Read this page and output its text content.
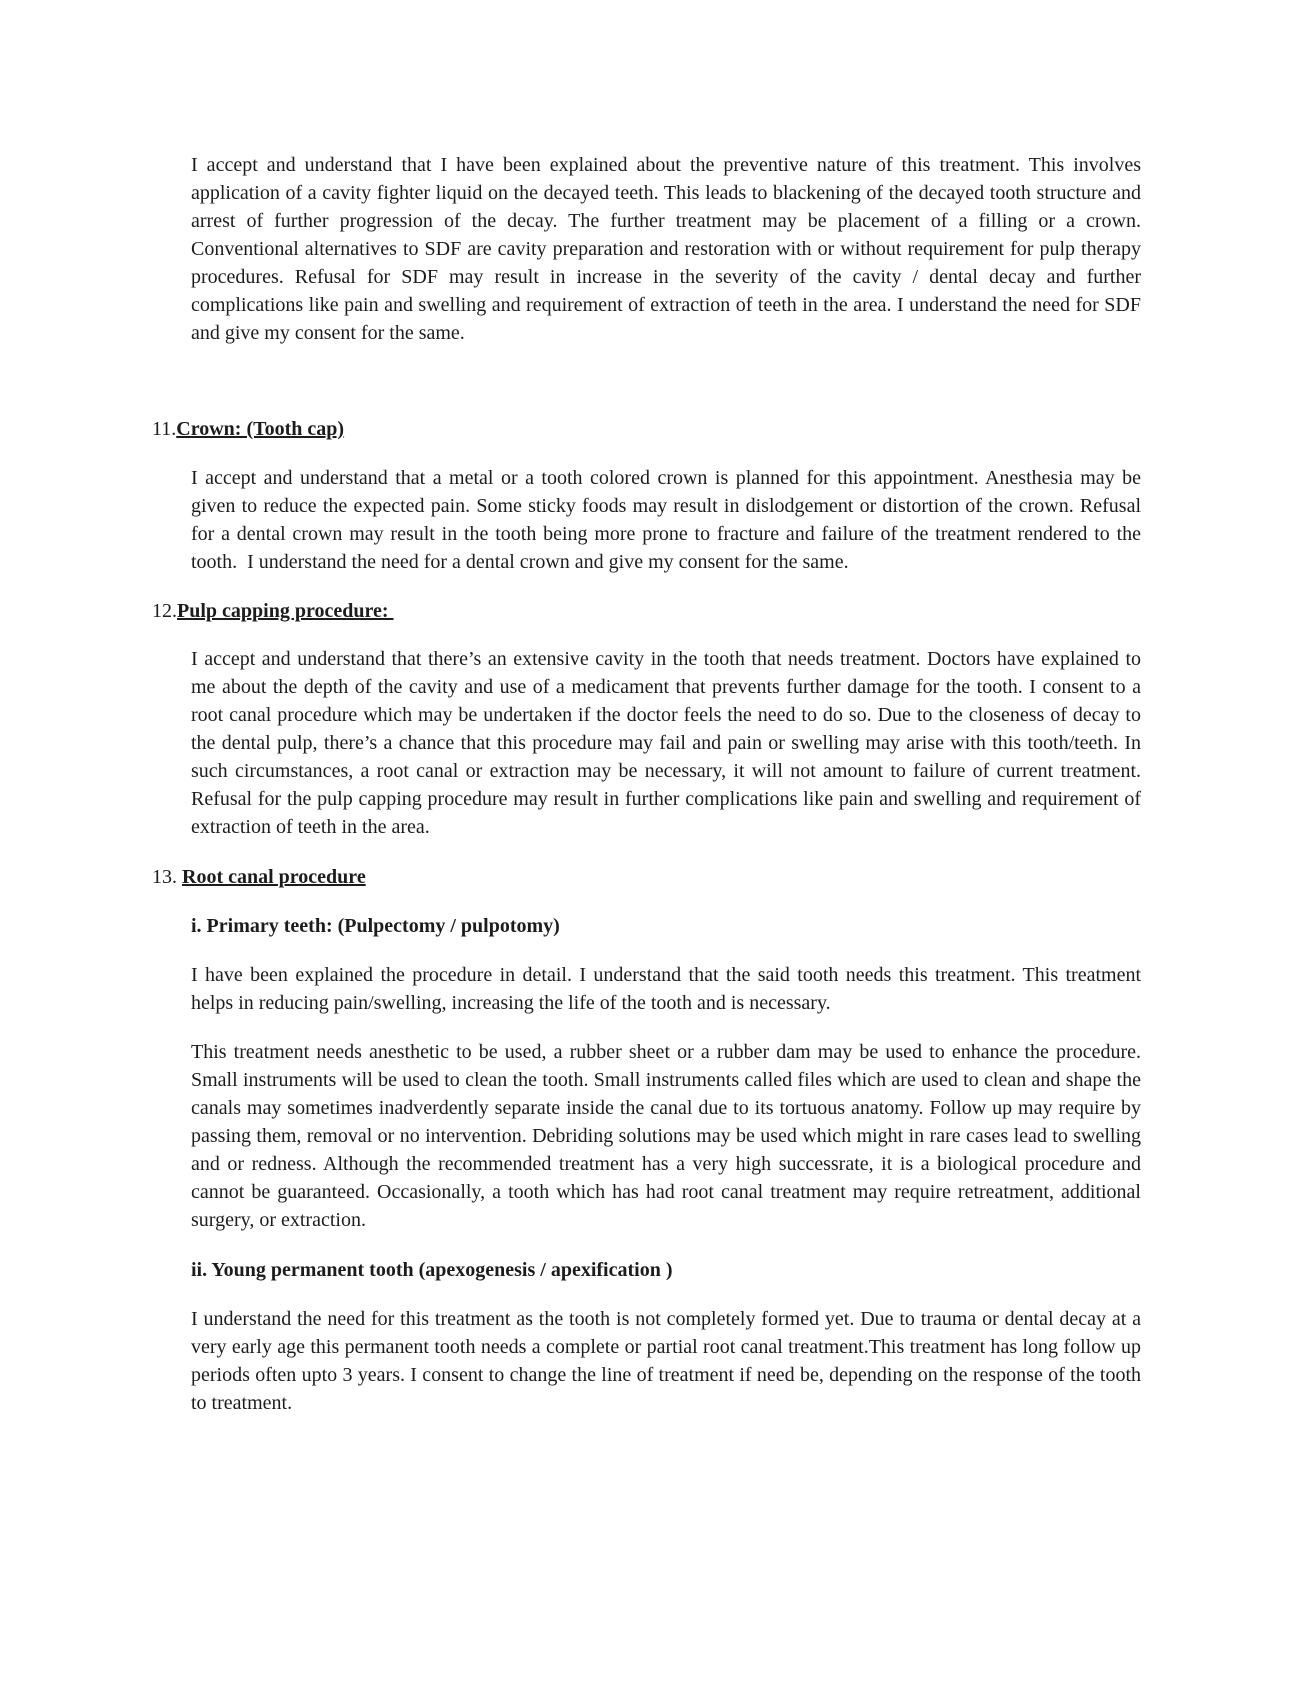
I accept and understand that I have been explained about the preventive nature of this treatment. This involves application of a cavity fighter liquid on the decayed teeth. This leads to blackening of the decayed tooth structure and arrest of further progression of the decay. The further treatment may be placement of a filling or a crown.          Conventional alternatives to SDF are cavity preparation and restoration with or without requirement for pulp therapy procedures. Refusal for SDF may result in increase in the severity of the cavity / dental decay and further complications like pain and swelling and requirement of extraction of teeth in the area. I understand the need for SDF and give my consent for the same.

11.Crown: (Tooth cap)

I accept and understand that a metal or a tooth colored crown is planned for this appointment. Anesthesia may be given to reduce the expected pain. Some sticky foods may result in dislodgement or distortion of the crown. Refusal for a dental crown may result in the tooth being more prone to fracture and failure of the treatment rendered to the tooth.  I understand the need for a dental crown and give my consent for the same.

12.Pulp capping procedure:

I accept and understand that there’s an extensive cavity in the tooth that needs treatment. Doctors have explained to me about the depth of the cavity and use of a medicament that prevents further damage for the tooth. I consent to a root canal procedure which may be undertaken if the doctor feels the need to do so. Due to the closeness of decay to the dental pulp, there’s a chance that this procedure may fail and pain or swelling may arise with this tooth/teeth. In such circumstances, a root canal or extraction may be necessary, it will not amount to failure of current treatment. Refusal for the pulp capping procedure may result in further complications like pain and swelling and requirement of extraction of teeth in the area.

13. Root canal procedure

i. Primary teeth: (Pulpectomy / pulpotomy)

I have been explained the procedure in detail. I understand that the said tooth needs this treatment. This treatment helps in reducing pain/swelling, increasing the life of the tooth and is necessary.

This treatment needs anesthetic to be used, a rubber sheet or a rubber dam may be used to enhance the procedure. Small instruments will be used to clean the tooth. Small instruments called files which are used to clean and shape the canals may sometimes inadverdently separate inside the canal due to its tortuous anatomy. Follow up may require by passing them, removal or no intervention. Debriding solutions may be used which might in rare cases lead to swelling and or redness. Although the recommended treatment has a very high successrate, it is a biological procedure and cannot be guaranteed. Occasionally, a tooth which has had root canal treatment may require retreatment, additional surgery, or extraction.

ii. Young permanent tooth (apexogenesis / apexification )

I understand the need for this treatment as the tooth is not completely formed yet. Due to trauma or dental decay at a very early age this permanent tooth needs a complete or partial root canal treatment.This treatment has long follow up periods often upto 3 years. I consent to change the line of treatment if need be, depending on the response of the tooth to treatment.
